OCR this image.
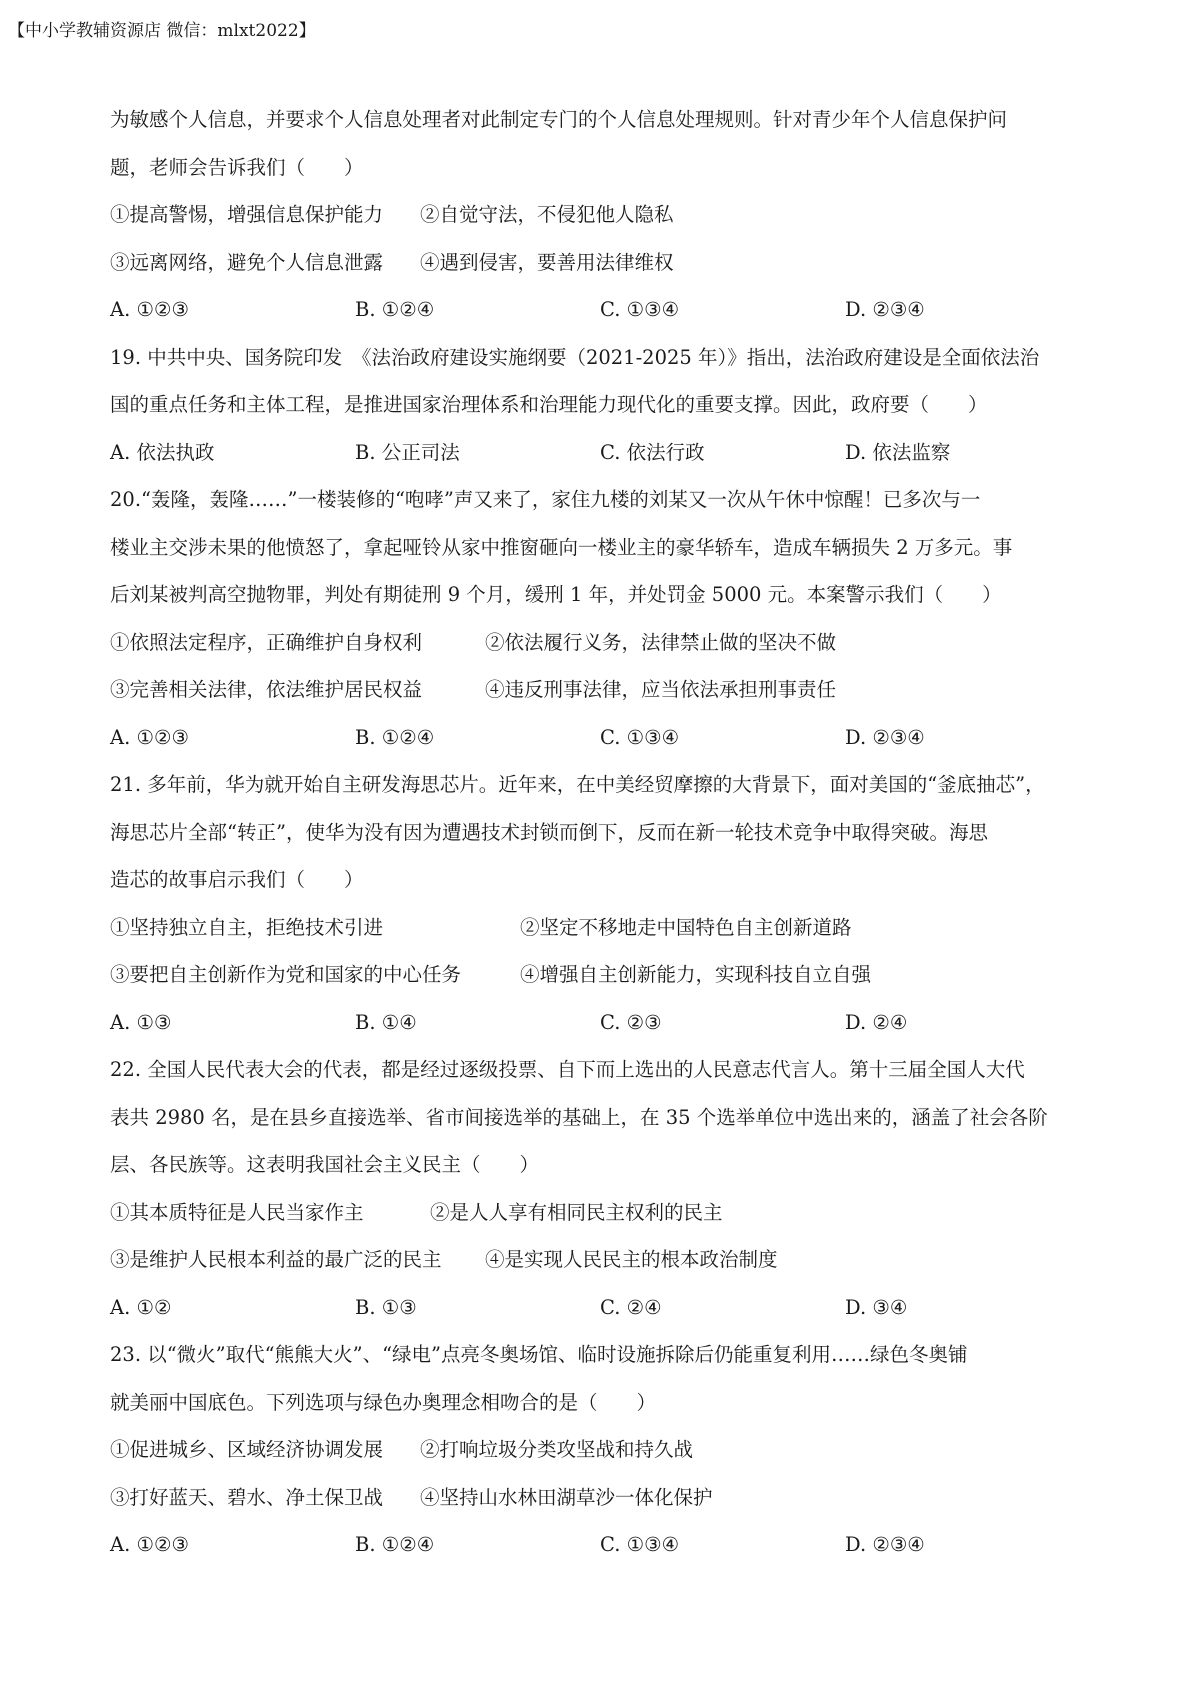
【中小学教辅资源店 微信：mlxt2022】
为敏感个人信息，并要求个人信息处理者对此制定专门的个人信息处理规则。针对青少年个人信息保护问
题，老师会告诉我们（　　）
①提高警惕，增强信息保护能力	②自觉守法，不侵犯他人隐私
③远离网络，避免个人信息泄露	④遇到侵害，要善用法律维权
A. ①②③	B. ①②④	C. ①③④	D. ②③④
19. 中共中央、国务院印发　《法治政府建设实施纲要（2021-2025 年）》指出，法治政府建设是全面依法治
国的重点任务和主体工程，是推进国家治理体系和治理能力现代化的重要支撑。因此，政府要（　　）
A. 依法执政	B. 公正司法	C. 依法行政	D. 依法监察
20.“轰隆，轰隆……”一楼装修的“咆哮”声又来了，家住九楼的刘某又一次从午休中惊醒！已多次与一
楼业主交涉未果的他愤怒了，拿起哑铃从家中推窗砸向一楼业主的豪华轿车，造成车辆损失 2 万多元。事
后刘某被判高空抛物罪，判处有期徒刑 9 个月，缓刑 1 年，并处罚金 5000 元。本案警示我们（　　）
①依照法定程序，正确维护自身权利	②依法履行义务，法律禁止做的坚决不做
③完善相关法律，依法维护居民权益	④违反刑事法律，应当依法承担刑事责任
A. ①②③	B. ①②④	C. ①③④	D. ②③④
21. 多年前，华为就开始自主研发海思芯片。近年来，在中美经贸摩擦的大背景下，面对美国的“釜底抽芯”，
海思芯片全部“转正”，使华为没有因为遭遇技术封锁而倒下，反而在新一轮技术竞争中取得突破。海思
造芯的故事启示我们（　　）
①坚持独立自主，拒绝技术引进	②坚定不移地走中国特色自主创新道路
③要把自主创新作为党和国家的中心任务	④增强自主创新能力，实现科技自立自强
A. ①③	B. ①④	C. ②③	D. ②④
22. 全国人民代表大会的代表，都是经过逐级投票、自下而上选出的人民意志代言人。第十三届全国人大代
表共 2980 名，是在县乡直接选举、省市间接选举的基础上，在 35 个选举单位中选出来的，涵盖了社会各阶
层、各民族等。这表明我国社会主义民主（　　）
①其本质特征是人民当家作主	②是人人享有相同民主权利的民主
③是维护人民根本利益的最广泛的民主	④是实现人民民主的根本政治制度
A. ①②	B. ①③	C. ②④	D. ③④
23. 以“微火”取代“熊熊大火”、“绿电”点亮冬奥场馆、临时设施拆除后仍能重复利用……绿色冬奥铺
就美丽中国底色。下列选项与绿色办奥理念相吻合的是（　　）
①促进城乡、区域经济协调发展	②打响垃圾分类攻坚战和持久战
③打好蓝天、碧水、净土保卫战	④坚持山水林田湖草沙一体化保护
A. ①②③	B. ①②④	C. ①③④	D. ②③④
